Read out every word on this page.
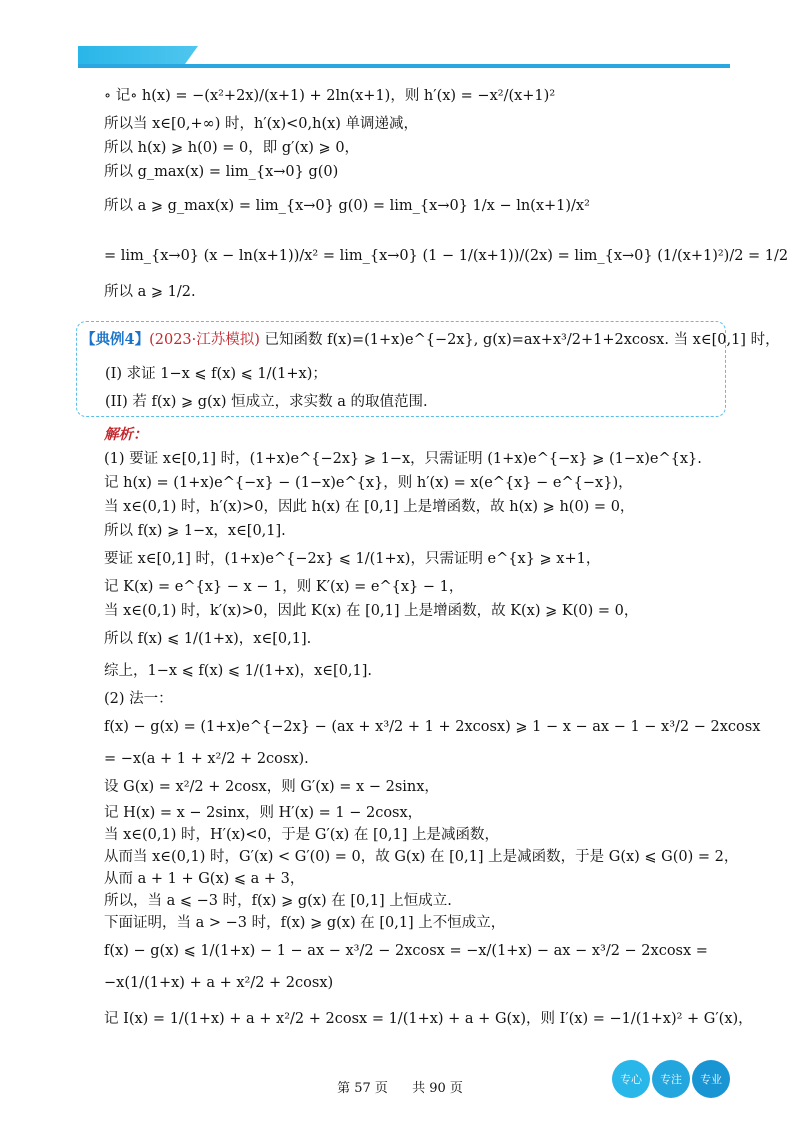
∘ 记∘ h(x) = −(x²+2x)/(x+1) + 2ln(x+1)，则 h′(x) = −x²/(x+1)²
所以当 x∈[0,+∞) 时，h′(x)<0,h(x) 单调递减，
所以 h(x) ⩾ h(0) = 0，即 g′(x) ⩾ 0，
所以 g_max(x) = lim_{x→0} g(0)
所以 a ⩾ g_max(x) = lim_{x→0} g(0) = lim_{x→0} 1/x − ln(x+1)/x²
= lim_{x→0} (x − ln(x+1))/x² = lim_{x→0} (1 − 1/(x+1))/(2x) = lim_{x→0} (1/(x+1)²)/2 = 1/2
所以 a ⩾ 1/2.
【典例4】(2023·江苏模拟) 已知函数 f(x)=(1+x)e^{−2x}, g(x)=ax+x³/2+1+2xcosx. 当 x∈[0,1] 时，
(I) 求证 1−x ⩽ f(x) ⩽ 1/(1+x)；
(II) 若 f(x) ⩾ g(x) 恒成立，求实数 a 的取值范围.
解析：
(1) 要证 x∈[0,1] 时，(1+x)e^{−2x} ⩾ 1−x，只需证明 (1+x)e^{−x} ⩾ (1−x)e^{x}.
记 h(x) = (1+x)e^{−x} − (1−x)e^{x}，则 h′(x) = x(e^{x} − e^{−x})，
当 x∈(0,1) 时，h′(x)>0，因此 h(x) 在 [0,1] 上是增函数，故 h(x) ⩾ h(0) = 0，
所以 f(x) ⩾ 1−x，x∈[0,1].
要证 x∈[0,1] 时，(1+x)e^{−2x} ⩽ 1/(1+x)，只需证明 e^{x} ⩾ x+1，
记 K(x) = e^{x} − x − 1，则 K′(x) = e^{x} − 1，
当 x∈(0,1) 时，k′(x)>0，因此 K(x) 在 [0,1] 上是增函数，故 K(x) ⩾ K(0) = 0，
所以 f(x) ⩽ 1/(1+x)，x∈[0,1].
综上，1−x ⩽ f(x) ⩽ 1/(1+x)，x∈[0,1].
(2) 法一：
f(x) − g(x) = (1+x)e^{−2x} − (ax + x³/2 + 1 + 2xcosx) ⩾ 1 − x − ax − 1 − x³/2 − 2xcosx
= −x(a + 1 + x²/2 + 2cosx).
设 G(x) = x²/2 + 2cosx，则 G′(x) = x − 2sinx，
记 H(x) = x − 2sinx，则 H′(x) = 1 − 2cosx，
当 x∈(0,1) 时，H′(x)<0，于是 G′(x) 在 [0,1] 上是减函数，
从而当 x∈(0,1) 时，G′(x) < G′(0) = 0，故 G(x) 在 [0,1] 上是减函数，于是 G(x) ⩽ G(0) = 2，
从而 a + 1 + G(x) ⩽ a + 3，
所以，当 a ⩽ −3 时，f(x) ⩾ g(x) 在 [0,1] 上恒成立.
下面证明，当 a > −3 时，f(x) ⩾ g(x) 在 [0,1] 上不恒成立，
f(x) − g(x) ⩽ 1/(1+x) − 1 − ax − x³/2 − 2xcosx = −x/(1+x) − ax − x³/2 − 2xcosx =
−x(1/(1+x) + a + x²/2 + 2cosx)
记 I(x) = 1/(1+x) + a + x²/2 + 2cosx = 1/(1+x) + a + G(x)，则 I′(x) = −1/(1+x)² + G′(x)，
第 57 页 共 90 页
专心	专注	专业
